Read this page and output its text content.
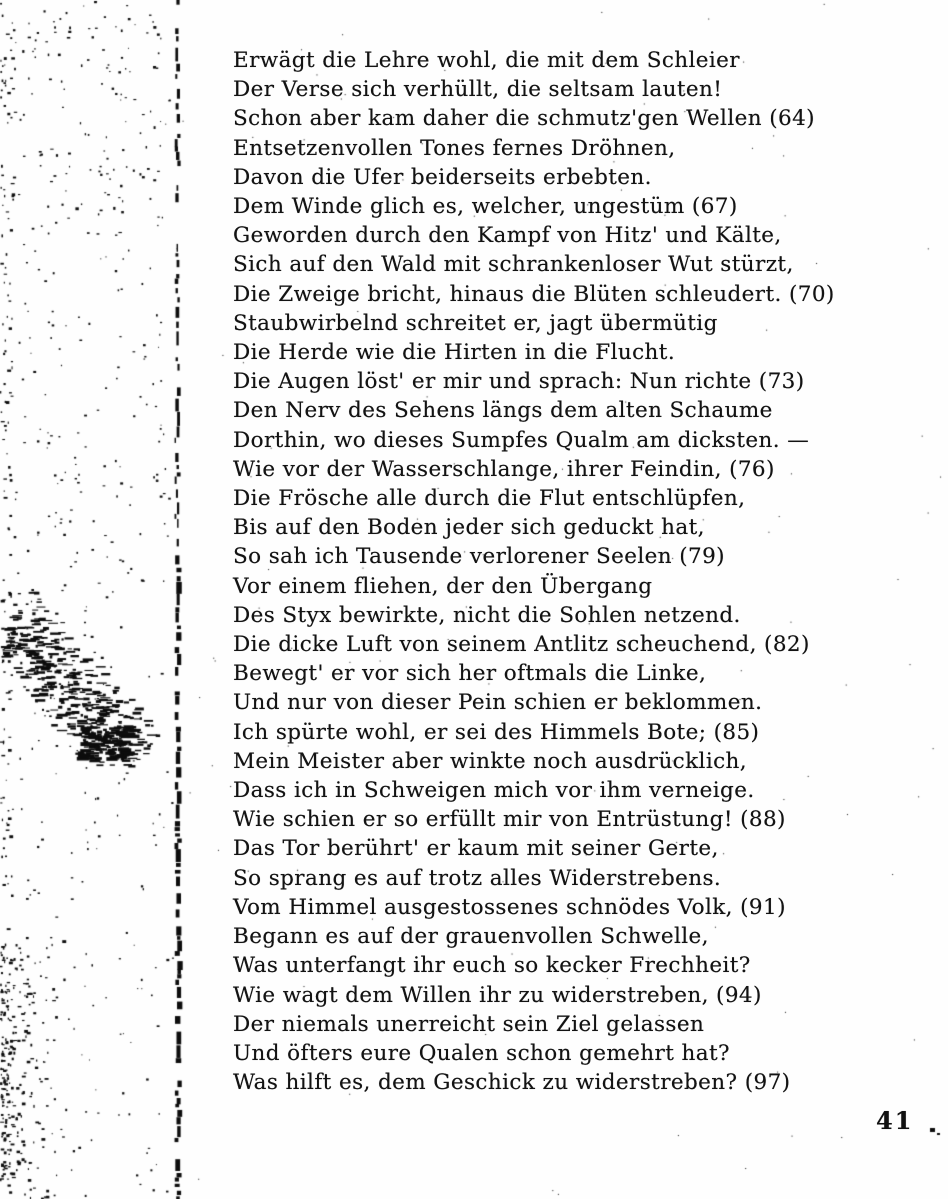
Erwägt die Lehre wohl, die mit dem Schleier
Der Verse sich verhüllt, die seltsam lauten!
Schon aber kam daher die schmutz'gen Wellen (64)
Entsetzenvollen Tones fernes Dröhnen,
Davon die Ufer beiderseits erbebten.
Dem Winde glich es, welcher, ungestüm (67)
Geworden durch den Kampf von Hitz' und Kälte,
Sich auf den Wald mit schrankenloser Wut stürzt,
Die Zweige bricht, hinaus die Blüten schleudert. (70)
Staubwirbelnd schreitet er, jagt übermütig
Die Herde wie die Hirten in die Flucht.
Die Augen löst' er mir und sprach: Nun richte (73)
Den Nerv des Sehens längs dem alten Schaume
Dorthin, wo dieses Sumpfes Qualm am dicksten. —
Wie vor der Wasserschlange, ihrer Feindin, (76)
Die Frösche alle durch die Flut entschlüpfen,
Bis auf den Boden jeder sich geduckt hat,
So sah ich Tausende verlorener Seelen (79)
Vor einem fliehen, der den Übergang
Des Styx bewirkte, nicht die Sohlen netzend.
Die dicke Luft von seinem Antlitz scheuchend, (82)
Bewegt' er vor sich her oftmals die Linke,
Und nur von dieser Pein schien er beklommen.
Ich spürte wohl, er sei des Himmels Bote; (85)
Mein Meister aber winkte noch ausdrücklich,
Dass ich in Schweigen mich vor ihm verneige.
Wie schien er so erfüllt mir von Entrüstung! (88)
Das Tor berührt' er kaum mit seiner Gerte,
So sprang es auf trotz alles Widerstrebens.
Vom Himmel ausgestossenes schnödes Volk, (91)
Begann es auf der grauenvollen Schwelle,
Was unterfangt ihr euch so kecker Frechheit?
Wie wagt dem Willen ihr zu widerstreben, (94)
Der niemals unerreicht sein Ziel gelassen
Und öfters eure Qualen schon gemehrt hat?
Was hilft es, dem Geschick zu widerstreben? (97)
41
